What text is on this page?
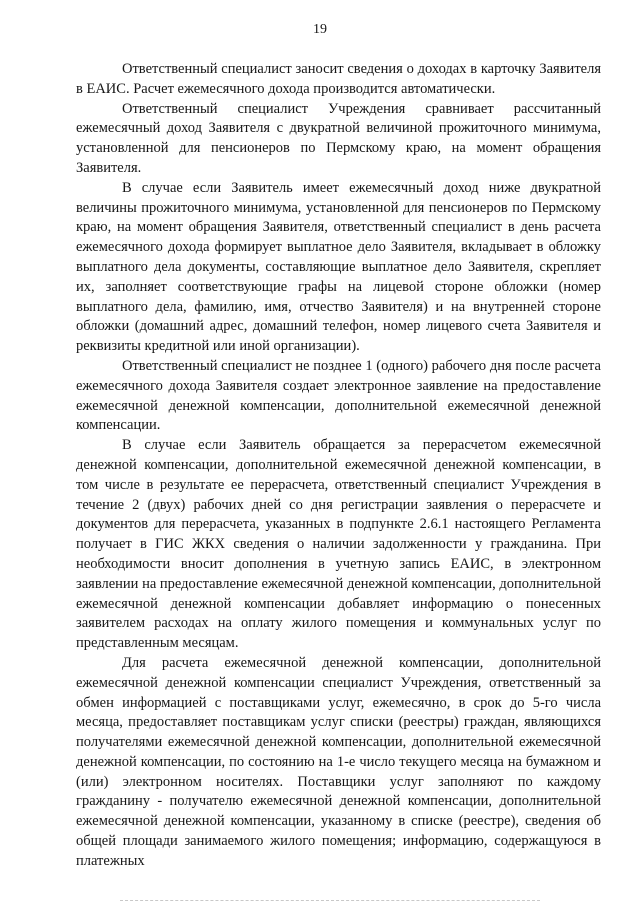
19

Ответственный специалист заносит сведения о доходах в карточку Заявителя в ЕАИС. Расчет ежемесячного дохода производится автоматически.

Ответственный специалист Учреждения сравнивает рассчитанный ежемесячный доход Заявителя с двукратной величиной прожиточного минимума, установленной для пенсионеров по Пермскому краю, на момент обращения Заявителя.

В случае если Заявитель имеет ежемесячный доход ниже двукратной величины прожиточного минимума, установленной для пенсионеров по Пермскому краю, на момент обращения Заявителя, ответственный специалист в день расчета ежемесячного дохода формирует выплатное дело Заявителя, вкладывает в обложку выплатного дела документы, составляющие выплатное дело Заявителя, скрепляет их, заполняет соответствующие графы на лицевой стороне обложки (номер выплатного дела, фамилию, имя, отчество Заявителя) и на внутренней стороне обложки (домашний адрес, домашний телефон, номер лицевого счета Заявителя и реквизиты кредитной или иной организации).

Ответственный специалист не позднее 1 (одного) рабочего дня после расчета ежемесячного дохода Заявителя создает электронное заявление на предоставление ежемесячной денежной компенсации, дополнительной ежемесячной денежной компенсации.

В случае если Заявитель обращается за перерасчетом ежемесячной денежной компенсации, дополнительной ежемесячной денежной компенсации, в том числе в результате ее перерасчета, ответственный специалист Учреждения в течение 2 (двух) рабочих дней со дня регистрации заявления о перерасчете и документов для перерасчета, указанных в подпункте 2.6.1 настоящего Регламента получает в ГИС ЖКХ сведения о наличии задолженности у гражданина. При необходимости вносит дополнения в учетную запись ЕАИС, в электронном заявлении на предоставление ежемесячной денежной компенсации, дополнительной ежемесячной денежной компенсации добавляет информацию о понесенных заявителем расходах на оплату жилого помещения и коммунальных услуг по представленным месяцам.

Для расчета ежемесячной денежной компенсации, дополнительной ежемесячной денежной компенсации специалист Учреждения, ответственный за обмен информацией с поставщиками услуг, ежемесячно, в срок до 5-го числа месяца, предоставляет поставщикам услуг списки (реестры) граждан, являющихся получателями ежемесячной денежной компенсации, дополнительной ежемесячной денежной компенсации, по состоянию на 1-е число текущего месяца на бумажном и (или) электронном носителях. Поставщики услуг заполняют по каждому гражданину - получателю ежемесячной денежной компенсации, дополнительной ежемесячной денежной компенсации, указанному в списке (реестре), сведения об общей площади занимаемого жилого помещения; информацию, содержащуюся в платежных
